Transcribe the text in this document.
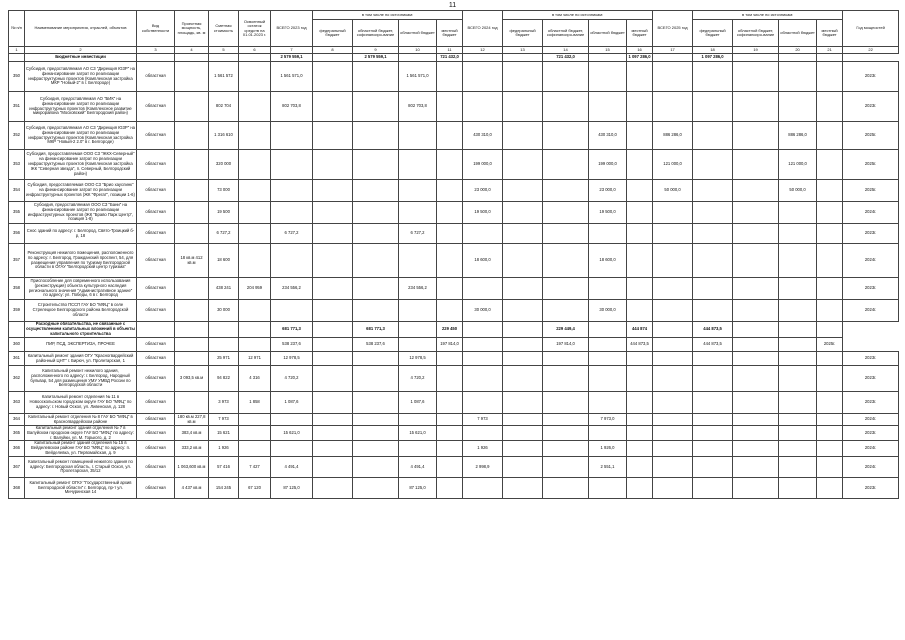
11
№ п/п	Наименование мероприятия, отраслей, объектов	Вид собственности	Проектная мощность, площадь, кв. м	Сметная стоимость	Освоенный остаток средств на 01.01.2023 г.	ВСЕГО 2023 год	в том числе по источникам:				ВСЕГО 2024 год	в том числе по источникам:				ВСЕГО 2025 год	в том числе по источникам:				Год мощностей
							федеральный бюджет	областной бюджет, софинансиро-вание	областной бюджет	местный бюджет		федеральный бюджет	областной бюджет, софинансиро-вание	областной бюджет	местный бюджет		федеральный бюджет	областной бюджет, софинансиро-вание	областной бюджет	местный бюджет	
1	2	3	4	5	6	7	8	9	10	11	12	13	14	15	16	17	18	19	20	21	22
	Бюджетные инвестиции					2 579 559,1		2 579 559,1		721 432,0			721 432,0		1 097 286,0		1 097 286,0				
350	Субсидия, предоставляемая АО СЗ "Дирекция ЮЗР" на финансирование затрат по реализации инфраструктурных проектов (Комплексная застройка МКР "Новый-2" в г. Белгороде)	областная		1 561 572		1 561 571,0			1 561 571,0												2023г.
351	Субсидия, предоставляемая АО "БИК" на финансирование затрат по реализации инфраструктурных проектов (Комплексное развитие микрорайона "Московский" Белгородский район)	областная		802 704		802 703,8			802 703,8												2023г.
352	Субсидия, предоставляемая АО СЗ "Дирекция ЮЗР" на финансирование затрат по реализации инфраструктурных проектов (Комплексная застройка МКР "Новый-2 2.0" в г. Белгороде)	областная		1 316 610							430 310,0			430 310,0		886 286,0			886 286,0		2025г.
353	Субсидия, предоставляемая ООО СЗ "ЖКХ-Северный" на финансирование затрат по реализации инфраструктурных проектов (Комплексная застройка ЖК "Северная звезда", п. Северный, Белгородский район)	областная		320 000							199 000,0			199 000,0		121 000,0			121 000,0		2025г.
354	Субсидия, предоставляемая ООО СЗ "Брио хауслинк" на финансирование затрат по реализации инфраструктурных проектов (ЖК "Фрегат", позиции 1-6)	областная		73 000							23 000,0			23 000,0		50 000,0			50 000,0		2025г.
355	Субсидия, предоставляемая ООО СЗ "Бани" на финансирование затрат по реализации инфраструктурных проектов (ЖК "Браво Парк Центр", позиция 1-8)	областная		19 500							19 500,0			19 500,0							2024г.
356	Снос зданий по адресу: г. Белгород, Свято-Троицкий б-р, 18	областная		6 727,2		6 727,2			6 727,2												2023г.
357	Реконструкция нежилого помещения, расположенного по адресу: г. Белгород, Гражданский проспект, 54, для размещения управления по туризму Белгородской области в ОГАУ "Белгородский центр туризма"	областная	18 кв.м 412 кв.м	18 600							18 600,0			18 600,0							2024г.
358	Приспособление для современного использования (реконструкция) объекта культурного наследия регионального значения "Административное здание" по адресу: ул. Победы, 6 в г. Белгород	областная		438 241	204 959	234 556,2			234 556,2												2023г.
359	Строительство ПССП ГАУ БО "МФЦ" в селе Стрелецкое Белгородского района Белгородской области	областная		30 000							30 000,0			30 000,0							2024г.
	Расходные обязательства, не связанные с осуществлением капитальных вложений в объекты капитального строительства					681 771,3		681 771,3		229 450			229 449,4		444 874		444 873,5				
360	ПИР, ПСД, ЭКСПЕРТИЗА, ПРОЧЕЕ	областная				538 237,6		538 237,6		197 814,0			197 814,0		444 873,5		444 873,5			2025г.	
361	Капитальный ремонт здания ОГУ "Красногвардейский районный ЦНТ" г. Бирюч, ул. Пролетарская, 1	областная		25 971	12 971	12 978,5			12 978,5												2023г.
362	Капитальный ремонт нежилого здания, расположенного по адресу: г. Белгород, Народный бульвар, 54 для размещения УМУ УМВД России по Белгородской области	областная	3 093,5 кв.м	94 822	4 316	4 720,2			4 720,2												2023г.
363	Капитальный ремонт отделения № 11 в Новооскольском городском округе ГАУ БО "МФЦ" по адресу: г. Новый Оскол, ул. Ливенская, д. 128	областная		3 973	1 858	1 087,6			1 087,6												2023г.
364	Капитальный ремонт отделения № 8 ГАУ БО "МФЦ" в Красногвардейском районе	областная	180 кв.м 227,8 кв.м	7 973							7 973			7 973,0							2024г.
365	Капитальный ремонт здания отделения № 7 в Валуйском городском округе ГАУ БО "МФЦ" по адресу: г. Валуйки, ул. М. Горького, д. 2	областная	383,4 кв.м	15 621		15 621,0			15 621,0												2023г.
366	Капитальный ремонт здания отделения № 15 в Вейделевском районе ГАУ БО "МФЦ" по адресу: п. Вейделевка, ул. Первомайская, д. 9	областная	333,2 кв.м	1 926							1 926			1 926,0							2024г.
367	Капитальный ремонт помещений нежилого здания по адресу: Белгородская область, г. Старый Оскол, ул. Пролетарская, 35/12	областная	1 063,600 кв.м	57 416	7 427	4 491,4			4 491,4		2 998,9			2 551,1							2024г.
368	Капитальный ремонт ОГКУ "Государственный архив Белгородской области" г. Белгород, пр-т ул. Мичуринская 14	областная	4 437 кв.м	154 245	67 120	87 125,0			87 125,0												2023г.
